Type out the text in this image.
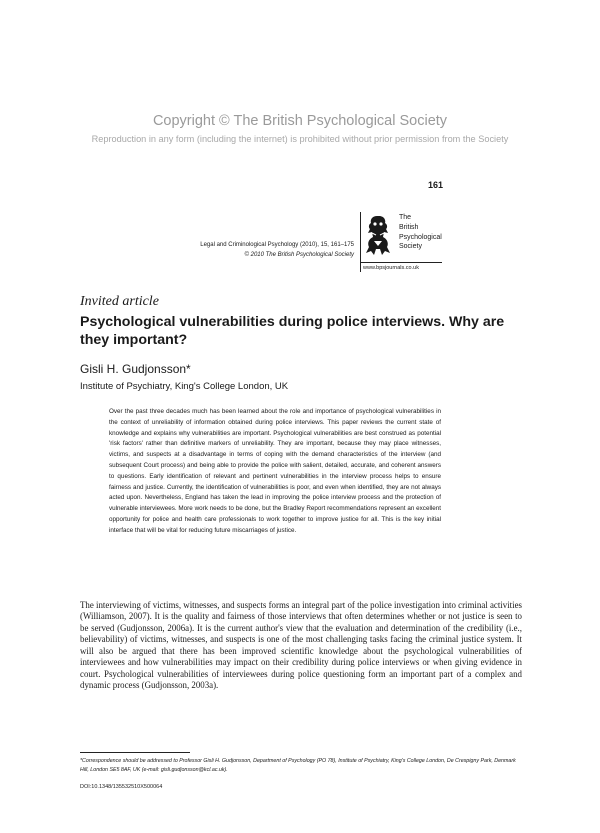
Copyright © The British Psychological Society
Reproduction in any form (including the internet) is prohibited without prior permission from the Society
161
Legal and Criminological Psychology (2010), 15, 161–175
© 2010 The British Psychological Society
The
British
Psychological
Society
www.bpsjournals.co.uk
Invited article
Psychological vulnerabilities during police interviews. Why are they important?
Gisli H. Gudjonsson*
Institute of Psychiatry, King's College London, UK
Over the past three decades much has been learned about the role and importance of psychological vulnerabilities in the context of unreliability of information obtained during police interviews. This paper reviews the current state of knowledge and explains why vulnerabilities are important. Psychological vulnerabilities are best construed as potential 'risk factors' rather than definitive markers of unreliability. They are important, because they may place witnesses, victims, and suspects at a disadvantage in terms of coping with the demand characteristics of the interview (and subsequent Court process) and being able to provide the police with salient, detailed, accurate, and coherent answers to questions. Early identification of relevant and pertinent vulnerabilities in the interview process helps to ensure fairness and justice. Currently, the identification of vulnerabilities is poor, and even when identified, they are not always acted upon. Nevertheless, England has taken the lead in improving the police interview process and the protection of vulnerable interviewees. More work needs to be done, but the Bradley Report recommendations represent an excellent opportunity for police and health care professionals to work together to improve justice for all. This is the key initial interface that will be vital for reducing future miscarriages of justice.
The interviewing of victims, witnesses, and suspects forms an integral part of the police investigation into criminal activities (Williamson, 2007). It is the quality and fairness of those interviews that often determines whether or not justice is seen to be served (Gudjonsson, 2006a). It is the current author's view that the evaluation and determination of the credibility (i.e., believability) of victims, witnesses, and suspects is one of the most challenging tasks facing the criminal justice system. It will also be argued that there has been improved scientific knowledge about the psychological vulnerabilities of interviewees and how vulnerabilities may impact on their credibility during police interviews or when giving evidence in court. Psychological vulnerabilities of interviewees during police questioning form an important part of a complex and dynamic process (Gudjonsson, 2003a).
*Correspondence should be addressed to Professor Gisli H. Gudjonsson, Department of Psychology (PO 78), Institute of Psychiatry, King's College London, De Crespigny Park, Denmark Hill, London SE5 8AF, UK (e-mail: gisli.gudjonsson@kcl.ac.uk).
DOI:10.1348/135532510X500064
